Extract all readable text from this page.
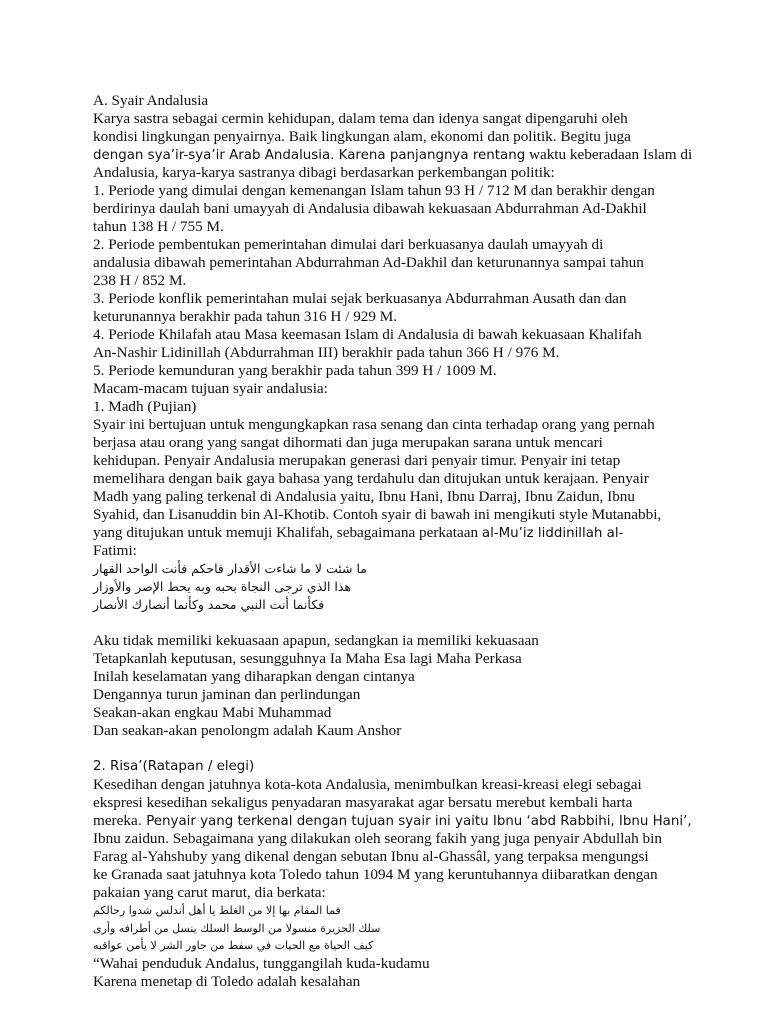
A. Syair Andalusia
Karya sastra sebagai cermin kehidupan, dalam tema dan idenya sangat dipengaruhi oleh
kondisi lingkungan penyairnya. Baik lingkungan alam, ekonomi dan politik. Begitu juga
dengan sya’ir-sya’ir Arab Andalusia. Karena panjangnya rentang waktu keberadaan Islam di
Andalusia, karya-karya sastranya dibagi berdasarkan perkembangan politik:
1. Periode yang dimulai dengan kemenangan Islam tahun 93 H / 712 M dan berakhir dengan
berdirinya daulah bani umayyah di Andalusia dibawah kekuasaan Abdurrahman Ad-Dakhil
tahun 138 H / 755 M.
2. Periode pembentukan pemerintahan dimulai dari berkuasanya daulah umayyah di
andalusia dibawah pemerintahan Abdurrahman Ad-Dakhil dan keturunannya sampai tahun
238 H / 852 M.
3. Periode konflik pemerintahan mulai sejak berkuasanya Abdurrahman Ausath dan dan
keturunannya berakhir pada tahun 316 H / 929 M.
4. Periode Khilafah atau Masa keemasan Islam di Andalusia di bawah kekuasaan Khalifah
An-Nashir Lidinillah (Abdurrahman III) berakhir pada tahun 366 H / 976 M.
5. Periode kemunduran yang berakhir pada tahun 399 H / 1009 M.
Macam-macam tujuan syair andalusia:
1. Madh (Pujian)
Syair ini bertujuan untuk mengungkapkan rasa senang dan cinta terhadap orang yang pernah
berjasa atau orang yang sangat dihormati dan juga merupakan sarana untuk mencari
kehidupan. Penyair Andalusia merupakan generasi dari penyair timur. Penyair ini tetap
memelihara dengan baik gaya bahasa yang terdahulu dan ditujukan untuk kerajaan. Penyair
Madh yang paling terkenal di Andalusia yaitu, Ibnu Hani, Ibnu Darraj, Ibnu Zaidun, Ibnu
Syahid, dan Lisanuddin bin Al-Khotib. Contoh syair di bawah ini mengikuti style Mutanabbi,
yang ditujukan untuk memuji Khalifah, sebagaimana perkataan al-Mu’iz liddinillah al-
Fatimi:
ما شئت لا ما شاءت الأقدار فاحكم فأنت الواحد القهار
هذا الذي ترجى النجاة بحبه وبه يحط الإصر والأوزار
فكأنما أنت النبي محمد وكأنما أنصارك الأنصار
Aku tidak memiliki kekuasaan apapun, sedangkan ia memiliki kekuasaan
Tetapkanlah keputusan, sesungguhnya Ia Maha Esa lagi Maha Perkasa
Inilah keselamatan yang diharapkan dengan cintanya
Dengannya turun jaminan dan perlindungan
Seakan-akan engkau Mabi Muhammad
Dan seakan-akan penolongm adalah Kaum Anshor
2. Risa’(Ratapan / elegi)
Kesedihan dengan jatuhnya kota-kota Andalusia, menimbulkan kreasi-kreasi elegi sebagai
ekspresi kesedihan sekaligus penyadaran masyarakat agar bersatu merebut kembali harta
mereka. Penyair yang terkenal dengan tujuan syair ini yaitu Ibnu ‘abd Rabbihi, Ibnu Hani’,
Ibnu zaidun. Sebagaimana yang dilakukan oleh seorang fakih yang juga penyair Abdullah bin
Farag al-Yahshuby yang dikenal dengan sebutan Ibnu al-Ghassâl, yang terpaksa mengungsi
ke Granada saat jatuhnya kota Toledo tahun 1094 M yang keruntuhannya diibaratkan dengan
pakaian yang carut marut, dia berkata:
فما المقام بها إلا من الغلط يا أهل أندلس شدوا رحالكم
سلك الجزيرة منسولا من الوسط السلك ينسل من أطرافه وأرى
كيف الحياة مع الحيات في سفط من جاور الشر لا يأمن عواقبه
“Wahai penduduk Andalus, tunggangilah kuda-kudamu
Karena menetap di Toledo adalah kesalahan
